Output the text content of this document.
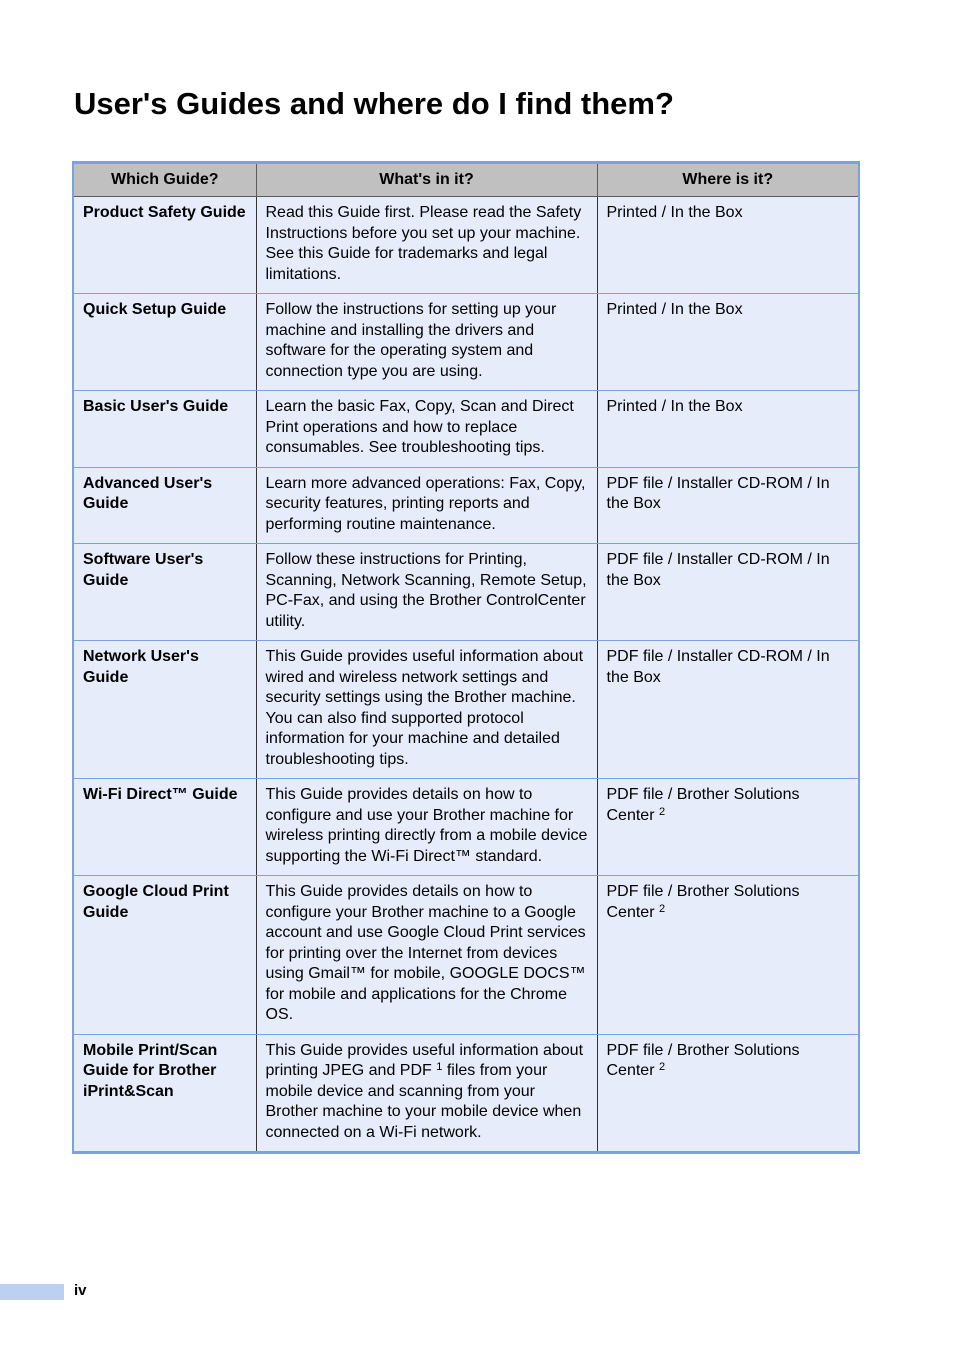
User's Guides and where do I find them?
Which Guide?	What's in it?	Where is it?
Product Safety Guide	Read this Guide first. Please read the Safety Instructions before you set up your machine. See this Guide for trademarks and legal limitations.	Printed / In the Box
Quick Setup Guide	Follow the instructions for setting up your machine and installing the drivers and software for the operating system and connection type you are using.	Printed / In the Box
Basic User's Guide	Learn the basic Fax, Copy, Scan and Direct Print operations and how to replace consumables. See troubleshooting tips.	Printed / In the Box
Advanced User's Guide	Learn more advanced operations: Fax, Copy, security features, printing reports and performing routine maintenance.	PDF file / Installer CD-ROM / In the Box
Software User's Guide	Follow these instructions for Printing, Scanning, Network Scanning, Remote Setup, PC-Fax, and using the Brother ControlCenter utility.	PDF file / Installer CD-ROM / In the Box
Network User's Guide	This Guide provides useful information about wired and wireless network settings and security settings using the Brother machine. You can also find supported protocol information for your machine and detailed troubleshooting tips.	PDF file / Installer CD-ROM / In the Box
Wi-Fi Direct™ Guide	This Guide provides details on how to configure and use your Brother machine for wireless printing directly from a mobile device supporting the Wi-Fi Direct™ standard.	PDF file / Brother Solutions Center $^2$
Google Cloud Print Guide	This Guide provides details on how to configure your Brother machine to a Google account and use Google Cloud Print services for printing over the Internet from devices using Gmail™ for mobile, GOOGLE DOCS™ for mobile and applications for the Chrome OS.	PDF file / Brother Solutions Center $^2$
Mobile Print/Scan Guide for Brother iPrint&Scan	This Guide provides useful information about printing JPEG and PDF $^1$ files from your mobile device and scanning from your Brother machine to your mobile device when connected on a Wi-Fi network.	PDF file / Brother Solutions Center $^2$
iv
